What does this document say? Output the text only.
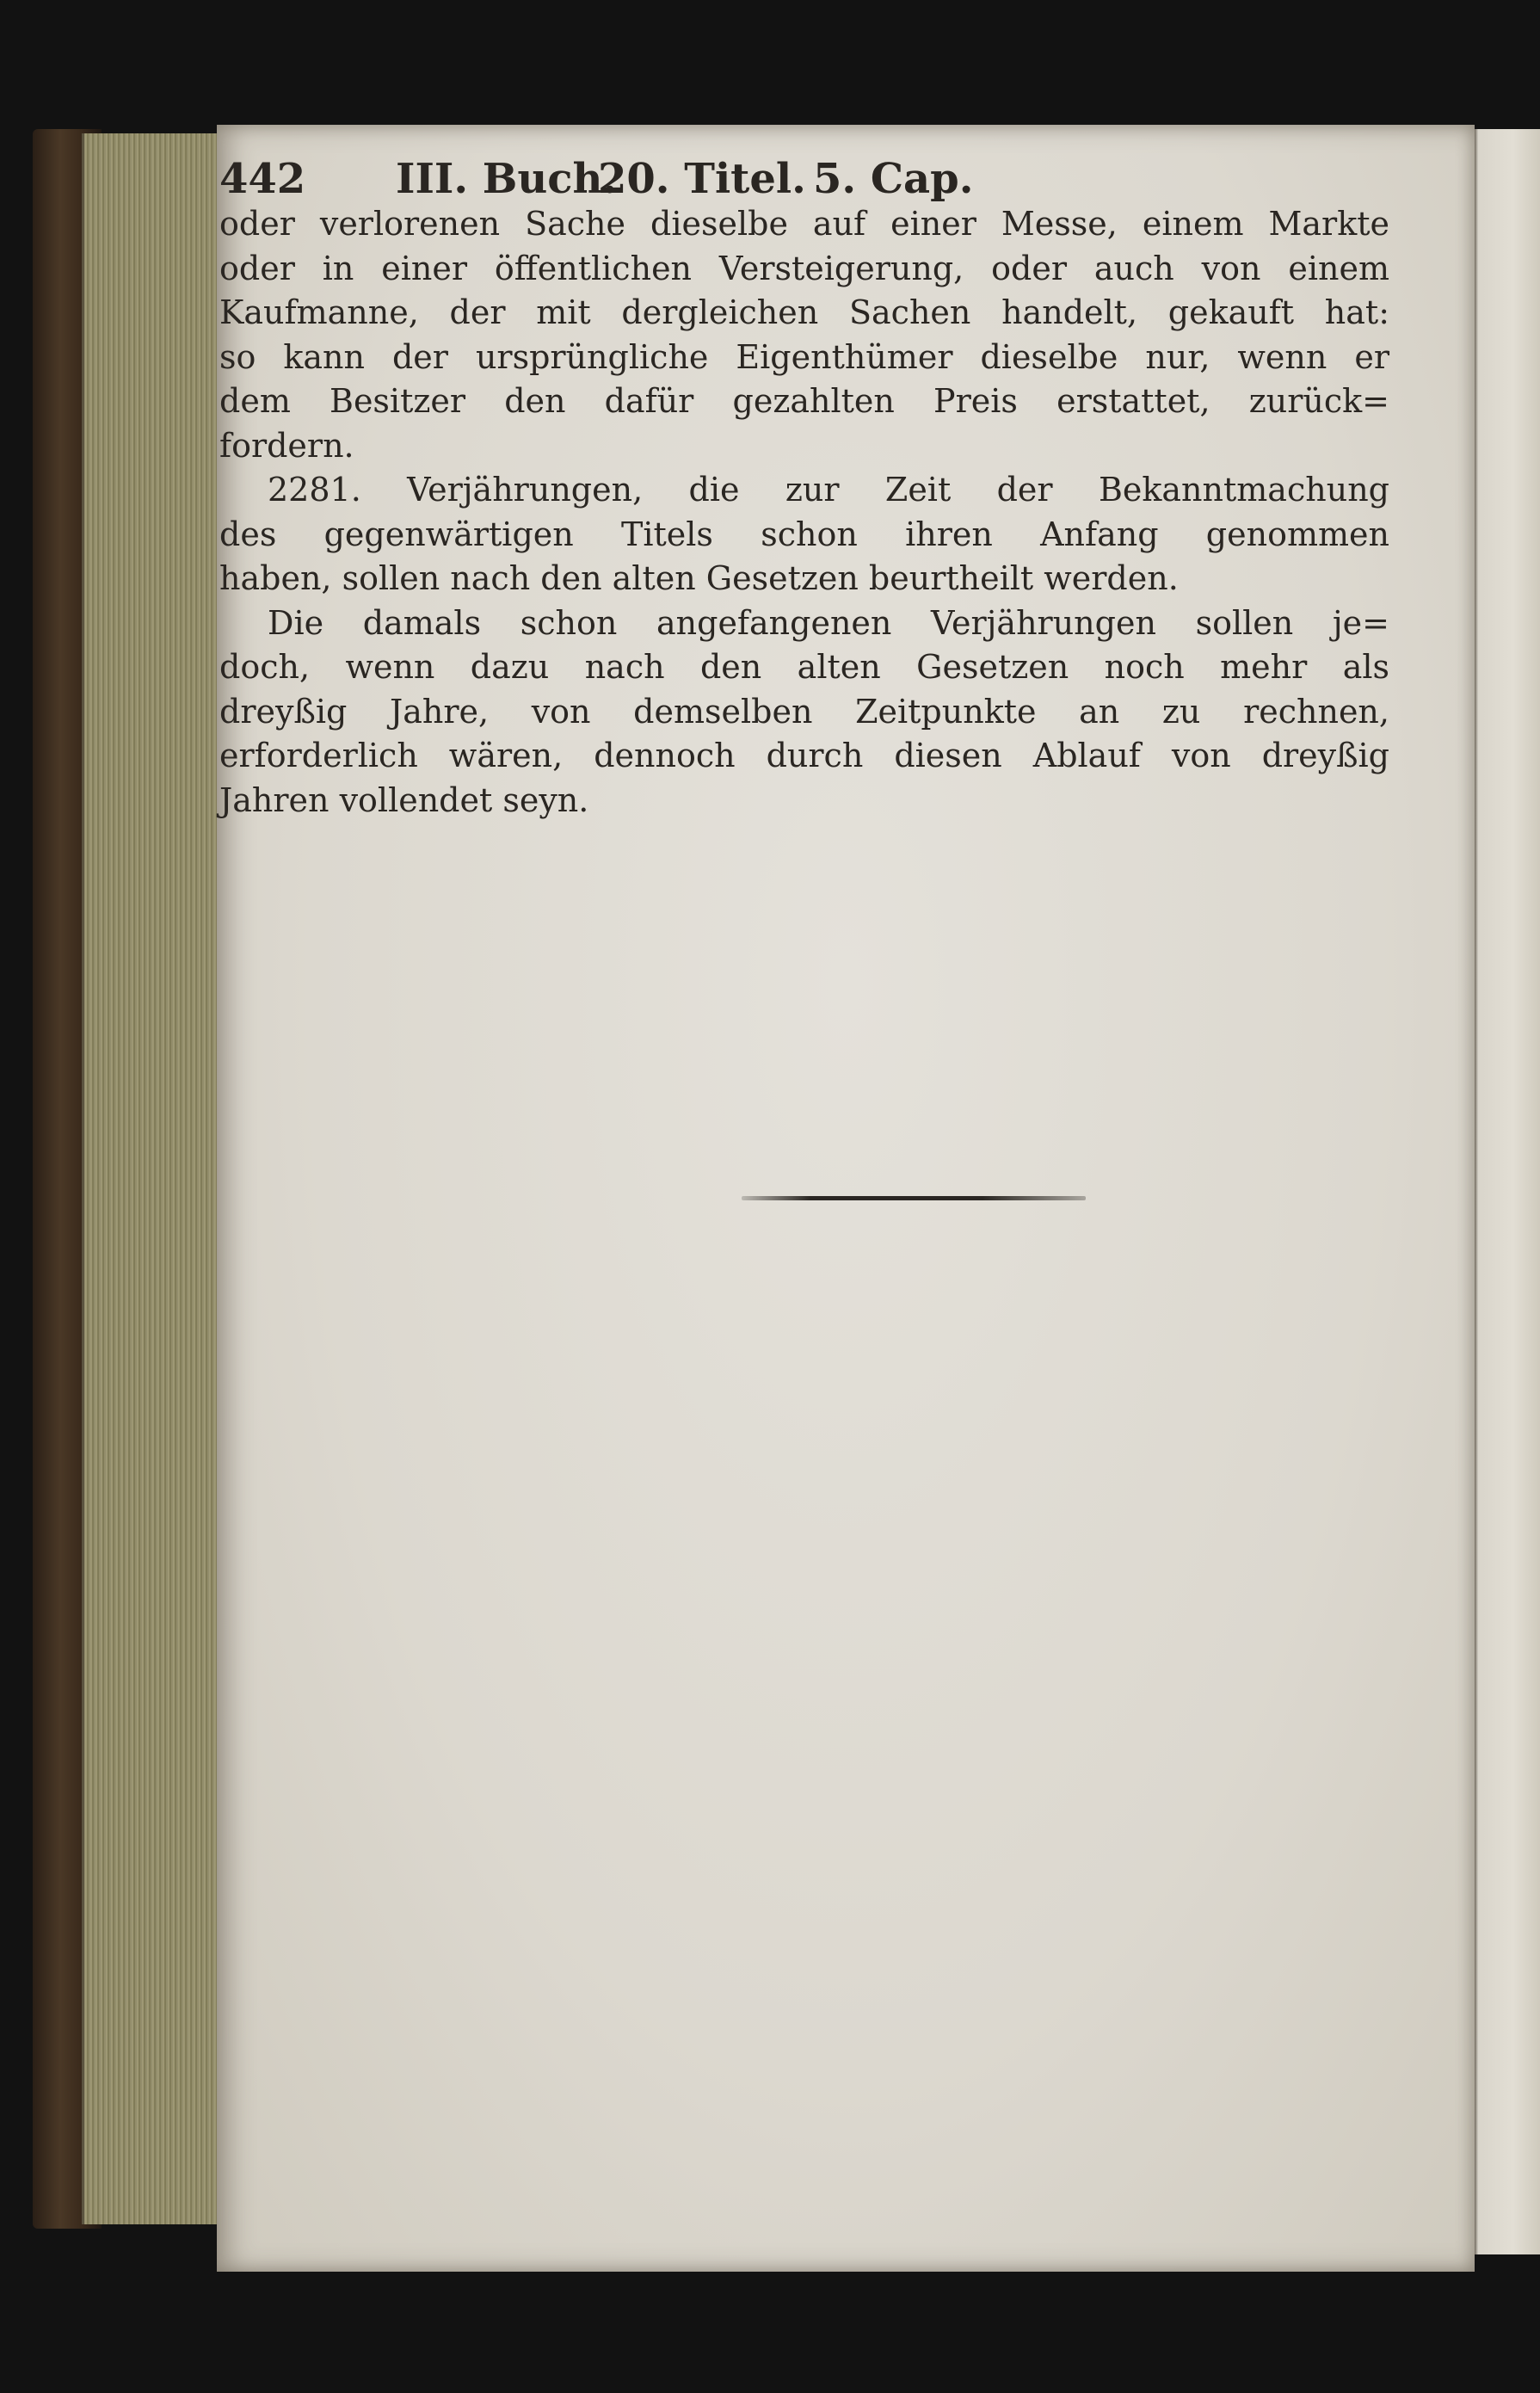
442 III. Buch.
20. Titel. 5. Cap.
oder verlorenen Sache dieselbe auf einer Messe, einem Markte
oder in einer öffentlichen Versteigerung, oder auch von einem
Kaufmanne, der mit dergleichen Sachen handelt, gekauft hat:
so kann der ursprüngliche Eigenthümer dieselbe nur, wenn er
dem Besitzer den dafür gezahlten Preis erstattet, zurück=
fordern.
2281. Verjährungen, die zur Zeit der Bekanntmachung
des gegenwärtigen Titels schon ihren Anfang genommen
haben, sollen nach den alten Gesetzen beurtheilt werden.
Die damals schon angefangenen Verjährungen sollen je=
doch, wenn dazu nach den alten Gesetzen noch mehr als
dreyßig Jahre, von demselben Zeitpunkte an zu rechnen,
erforderlich wären, dennoch durch diesen Ablauf von dreyßig
Jahren vollendet seyn.
